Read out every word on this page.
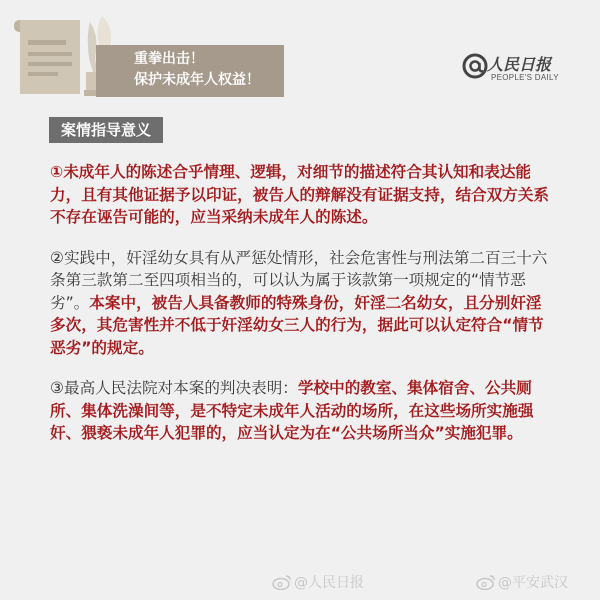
重拳出击！
保护未成年人权益！
人民日报
PEOPLE'S DAILY
案情指导意义

①未成年人的陈述合乎情理、逻辑，对细节的描述符合其认知和表达能力，且有其他证据予以印证，被告人的辩解没有证据支持，结合双方关系不存在诬告可能的，应当采纳未成年人的陈述。

②实践中，奸淫幼女具有从严惩处情形，社会危害性与刑法第二百三十六条第三款第二至四项相当的，可以认为属于该款第一项规定的“情节恶劣”。本案中，被告人具备教师的特殊身份，奸淫二名幼女，且分别奸淫多次，其危害性并不低于奸淫幼女三人的行为，据此可以认定符合“情节恶劣”的规定。

③最高人民法院对本案的判决表明：学校中的教室、集体宿舍、公共厕所、集体洗澡间等，是不特定未成年人活动的场所，在这些场所实施强奸、猥亵未成年人犯罪的，应当认定为在“公共场所当众”实施犯罪。

@人民日报	@平安武汉
